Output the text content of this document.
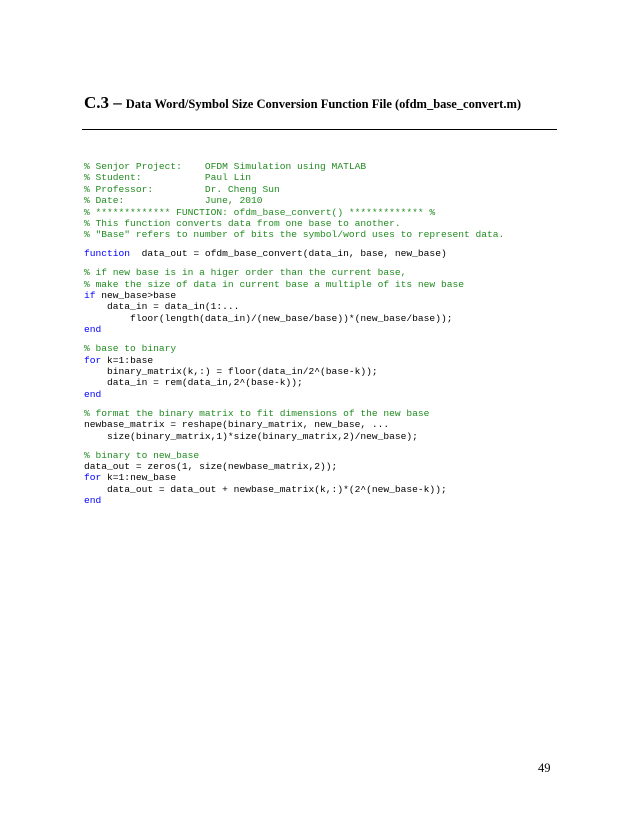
C.3 – Data Word/Symbol Size Conversion Function File (ofdm_base_convert.m)
% Senjor Project:    OFDM Simulation using MATLAB
% Student:           Paul Lin
% Professor:         Dr. Cheng Sun
% Date:              June, 2010
% ************* FUNCTION: ofdm_base_convert() ************* %
% This function converts data from one base to another.
% "Base" refers to number of bits the symbol/word uses to represent data.
function  data_out = ofdm_base_convert(data_in, base, new_base)
% if new base is in a higer order than the current base,
% make the size of data in current base a multiple of its new base
if new_base>base
data_in = data_in(1:...
floor(length(data_in)/(new_base/base))*(new_base/base));
end
% base to binary
for k=1:base
binary_matrix(k,:) = floor(data_in/2^(base-k));
data_in = rem(data_in,2^(base-k));
end
% format the binary matrix to fit dimensions of the new base
newbase_matrix = reshape(binary_matrix, new_base, ...
size(binary_matrix,1)*size(binary_matrix,2)/new_base);
% binary to new_base
data_out = zeros(1, size(newbase_matrix,2));
for k=1:new_base
data_out = data_out + newbase_matrix(k,:)*(2^(new_base-k));
end
49
